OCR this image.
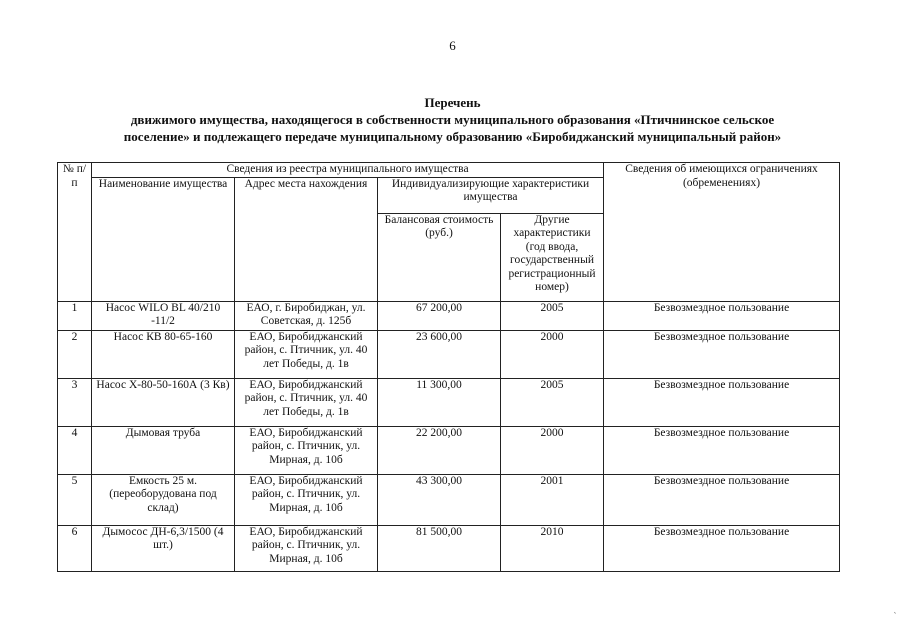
6
Перечень
движимого имущества, находящегося в собственности муниципального образования «Птичнинское сельское
поселение» и подлежащего передаче муниципальному образованию «Биробиджанский муниципальный район»
№ п/п	Сведения из реестра муниципального имущества				Сведения об имеющихся ограничениях (обременениях)
	Наименование имущества	Адрес места нахождения	Индивидуализирующие характеристики имущества		
			Балансовая стоимость (руб.)	Другие характеристики (год ввода, государственный регистрационный номер)	
1	Насос WILO BL 40/210 -11/2	ЕАО, г. Биробиджан, ул. Советская, д. 125б	67 200,00	2005	Безвозмездное пользование
2	Насос КВ 80-65-160	ЕАО, Биробиджанский район, с. Птичник, ул. 40 лет Победы, д. 1в	23 600,00	2000	Безвозмездное пользование
3	Насос Х-80-50-160А (3 Кв)	ЕАО, Биробиджанский район, с. Птичник, ул. 40 лет Победы, д. 1в	11 300,00	2005	Безвозмездное пользование
4	Дымовая труба	ЕАО, Биробиджанский район, с. Птичник, ул. Мирная, д. 10б	22 200,00	2000	Безвозмездное пользование
5	Емкость 25 м. (переоборудована под склад)	ЕАО, Биробиджанский район, с. Птичник, ул. Мирная, д. 10б	43 300,00	2001	Безвозмездное пользование
6	Дымосос ДН-6,3/1500 (4 шт.)	ЕАО, Биробиджанский район, с. Птичник, ул. Мирная, д. 10б	81 500,00	2010	Безвозмездное пользование
`
